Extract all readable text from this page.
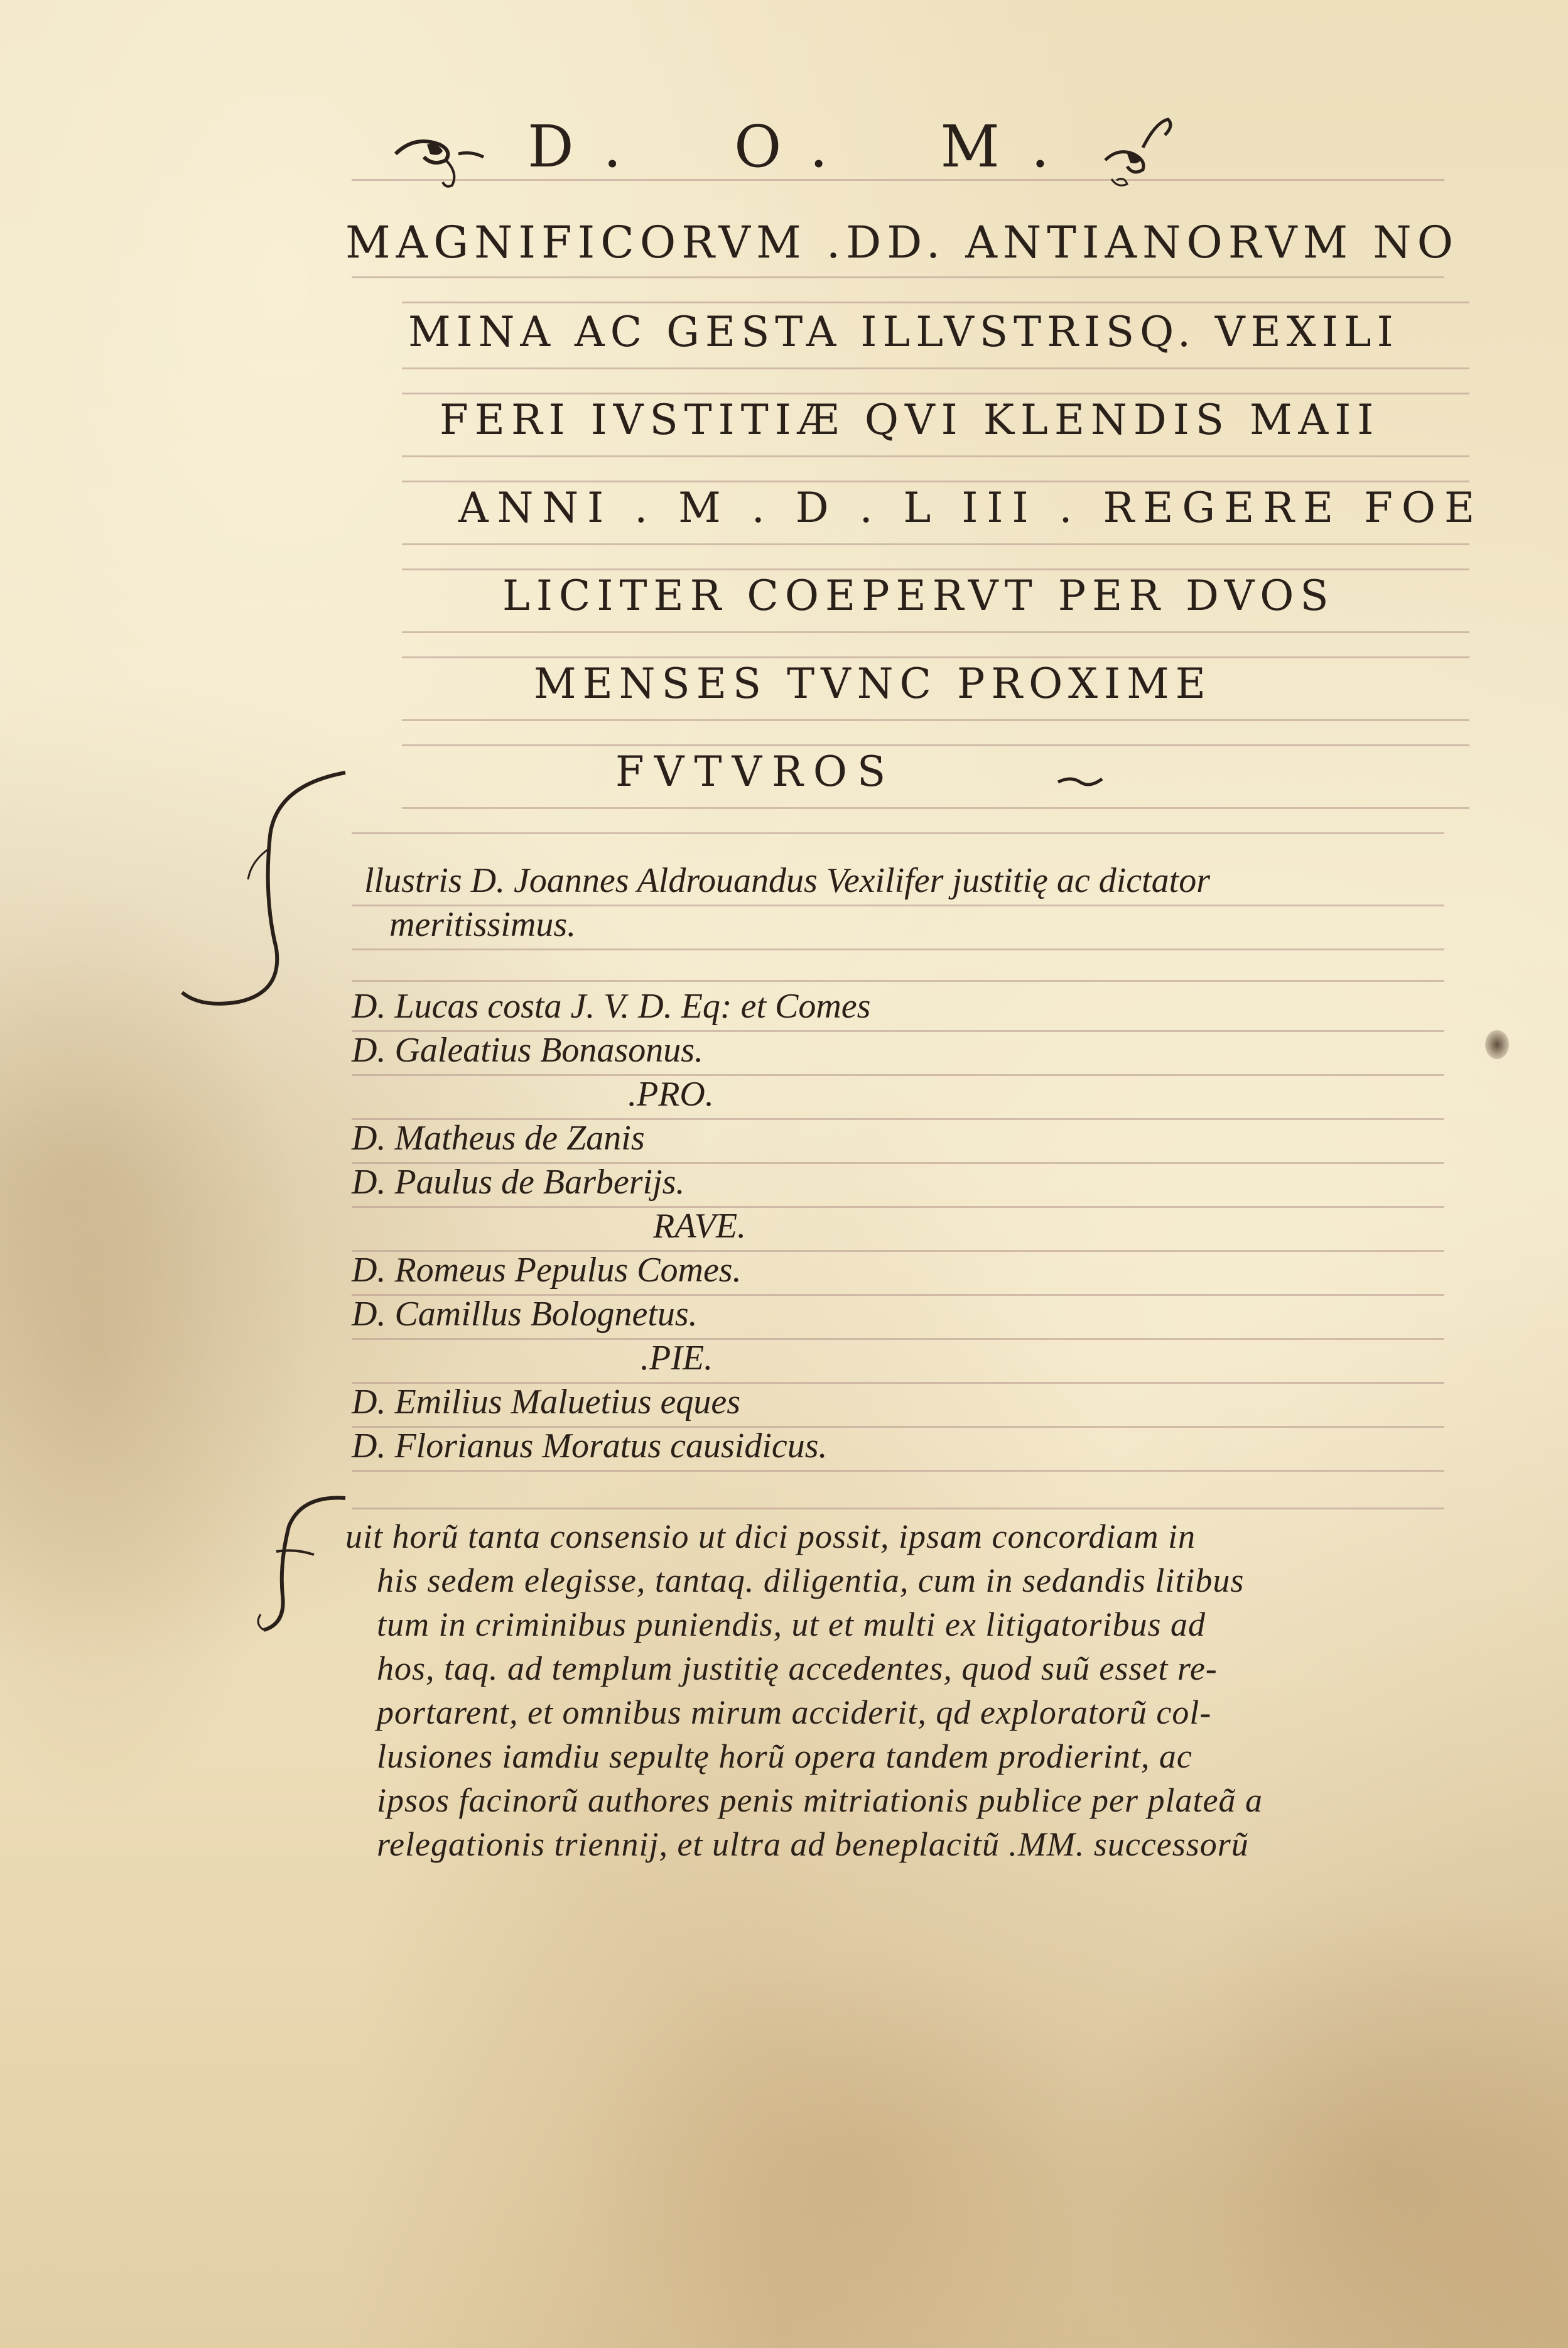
D. O. M.
MAGNIFICORVM .DD. ANTIANORVM NO
MINA AC GESTA ILLVSTRISQ. VEXILI
FERI IVSTITIÆ QVI KLENDIS MAII
ANNI . M . D . L III . REGERE FOE
LICITER COEPERVT PER DVOS
MENSES TVNC PROXIME
FVTVROS
llustris D. Joannes Aldrouandus Vexilifer justitię ac dictator
meritissimus.
D. Lucas costa J. V. D. Eq: et Comes
D. Galeatius Bonasonus.
.PRO.
D. Matheus de Zanis
D. Paulus de Barberijs.
RAVE.
D. Romeus Pepulus Comes.
D. Camillus Bolognetus.
.PIE.
D. Emilius Maluetius eques
D. Florianus Moratus causidicus.
uit horũ tanta consensio ut dici possit, ipsam concordiam in
his sedem elegisse, tantaq. diligentia, cum in sedandis litibus
tum in criminibus puniendis, ut et multi ex litigatoribus ad
hos, taq. ad templum justitię accedentes, quod suũ esset re-
portarent, et omnibus mirum acciderit, qd exploratorũ col-
lusiones iamdiu sepultę horũ opera tandem prodierint, ac
ipsos facinorũ authores penis mitriationis publice per plateã a
relegationis triennij, et ultra ad beneplacitũ .MM. successorũ
